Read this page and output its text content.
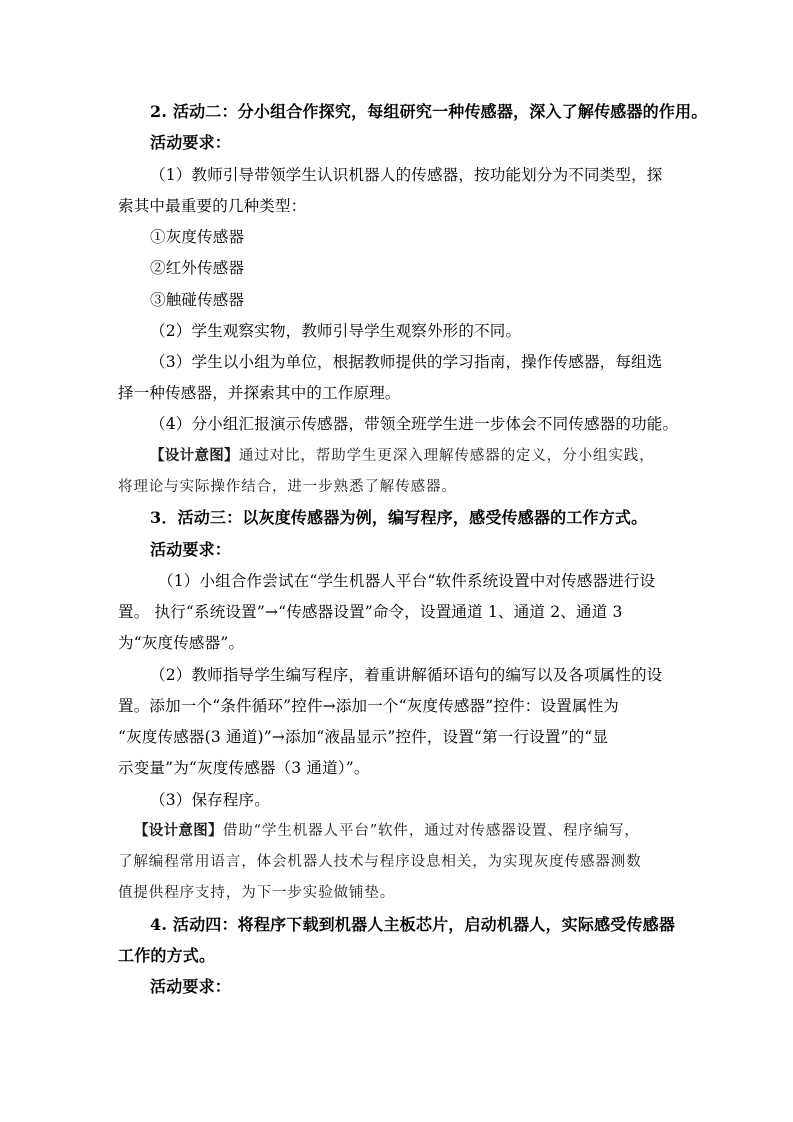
2. 活动二：分小组合作探究，每组研究一种传感器，深入了解传感器的作用。
活动要求：
（1）教师引导带领学生认识机器人的传感器，按功能划分为不同类型，探
索其中最重要的几种类型：
①灰度传感器
②红外传感器
③触碰传感器
（2）学生观察实物，教师引导学生观察外形的不同。
（3）学生以小组为单位，根据教师提供的学习指南，操作传感器，每组选
择一种传感器，并探索其中的工作原理。
（4）分小组汇报演示传感器，带领全班学生进一步体会不同传感器的功能。
【设计意图】通过对比，帮助学生更深入理解传感器的定义，分小组实践，
将理论与实际操作结合，进一步熟悉了解传感器。
3．活动三：以灰度传感器为例，编写程序，感受传感器的工作方式。
活动要求：
（1）小组合作尝试在“学生机器人平台“软件系统设置中对传感器进行设
置。 执行“系统设置”→“传感器设置”命令，设置通道 1、通道 2、通道 3
为“灰度传感器”。
（2）教师指导学生编写程序，着重讲解循环语句的编写以及各项属性的设
置。添加一个“条件循环”控件→添加一个“灰度传感器”控件：设置属性为
“灰度传感器(3 通道)”→添加“液晶显示”控件，设置“第一行设置”的“显
示变量”为“灰度传感器（3 通道）”。
（3）保存程序。
【设计意图】借助“学生机器人平台”软件，通过对传感器设置、程序编写，
了解编程常用语言，体会机器人技术与程序设息相关，为实现灰度传感器测数
值提供程序支持，为下一步实验做铺垫。
4. 活动四：将程序下载到机器人主板芯片，启动机器人，实际感受传感器
工作的方式。
活动要求：
